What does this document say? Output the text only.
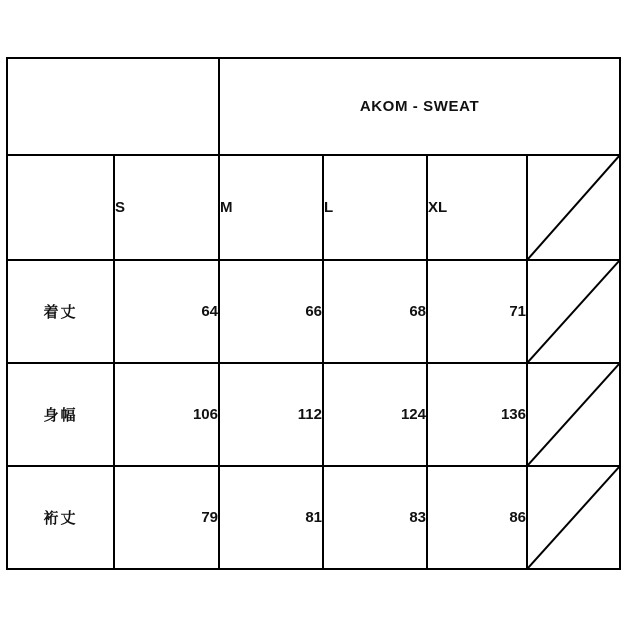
		AKOM - SWEAT			
	S	M	L	XL	

着丈	64	66	68	71	

身幅	106	112	124	136	

裄丈	79	81	83	86	
